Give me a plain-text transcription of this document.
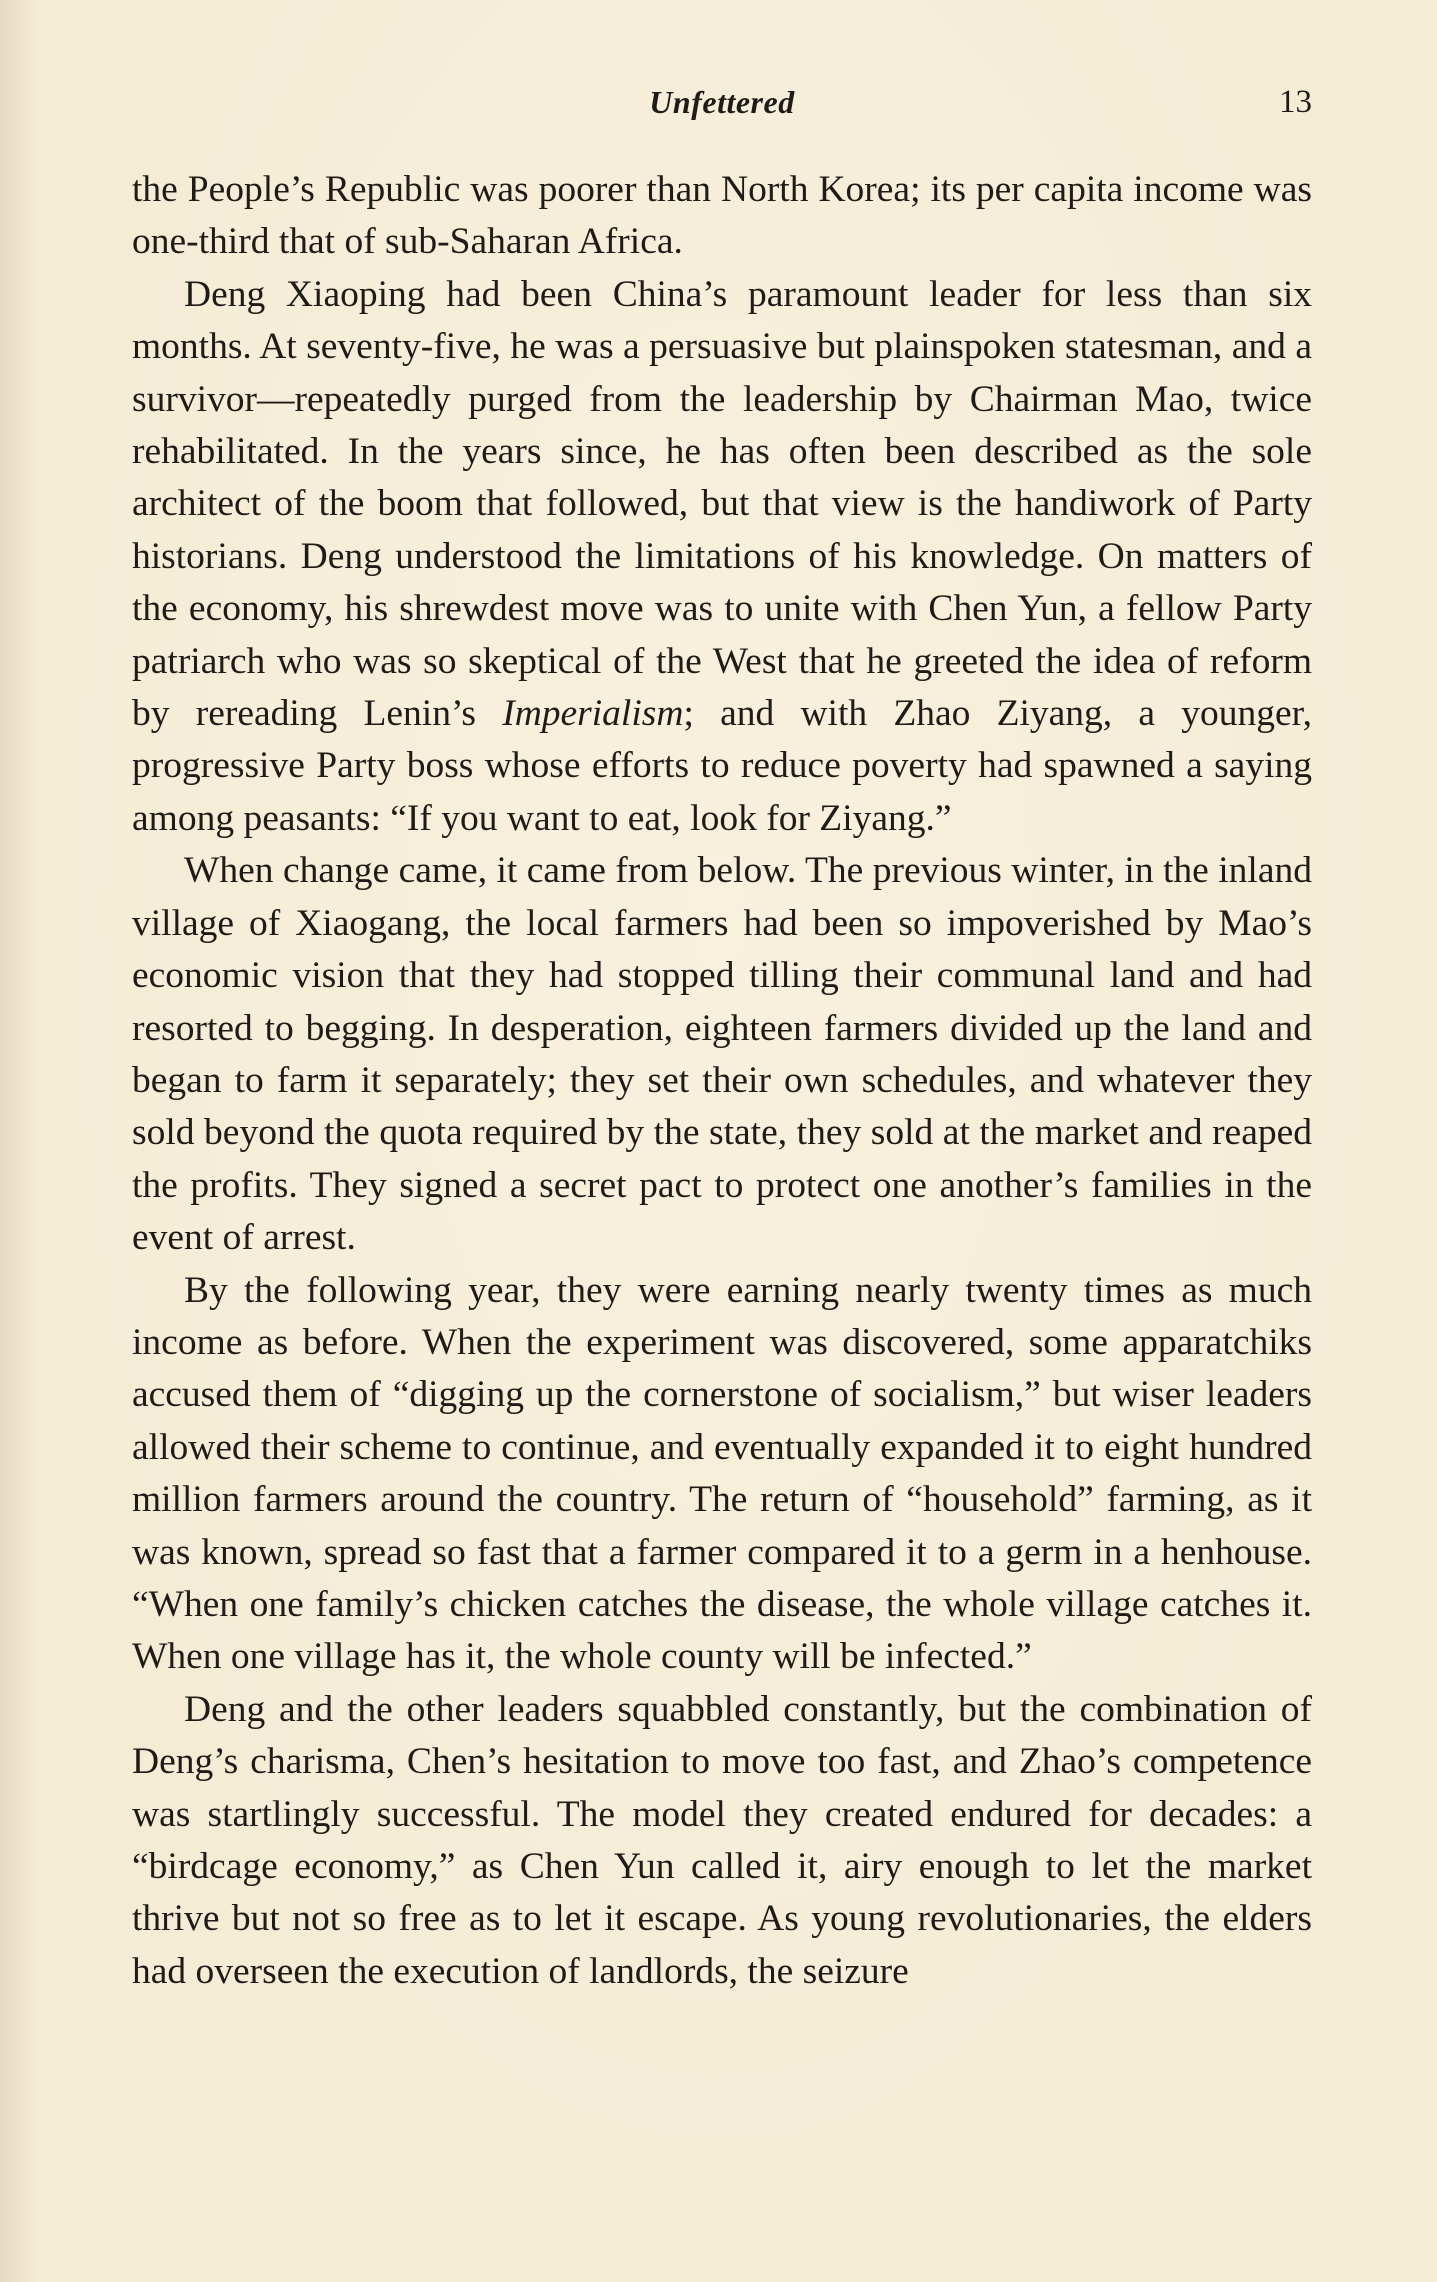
Unfettered	13

the People’s Republic was poorer than North Korea; its per capita income was one-third that of sub-Saharan Africa.

Deng Xiaoping had been China’s paramount leader for less than six months. At seventy-five, he was a persuasive but plainspoken statesman, and a survivor—repeatedly purged from the leadership by Chairman Mao, twice rehabilitated. In the years since, he has often been described as the sole architect of the boom that followed, but that view is the handiwork of Party historians. Deng understood the limitations of his knowledge. On matters of the economy, his shrewdest move was to unite with Chen Yun, a fellow Party patriarch who was so skeptical of the West that he greeted the idea of reform by rereading Lenin’s Imperialism; and with Zhao Ziyang, a younger, progressive Party boss whose efforts to reduce poverty had spawned a saying among peasants: “If you want to eat, look for Ziyang.”

When change came, it came from below. The previous winter, in the inland village of Xiaogang, the local farmers had been so impoverished by Mao’s economic vision that they had stopped tilling their communal land and had resorted to begging. In desperation, eighteen farmers divided up the land and began to farm it separately; they set their own schedules, and whatever they sold beyond the quota required by the state, they sold at the market and reaped the profits. They signed a secret pact to protect one another’s families in the event of arrest.

By the following year, they were earning nearly twenty times as much income as before. When the experiment was discovered, some apparatchiks accused them of “digging up the cornerstone of socialism,” but wiser leaders allowed their scheme to continue, and eventually expanded it to eight hundred million farmers around the country. The return of “household” farming, as it was known, spread so fast that a farmer compared it to a germ in a henhouse. “When one family’s chicken catches the disease, the whole village catches it. When one village has it, the whole county will be infected.”

Deng and the other leaders squabbled constantly, but the combination of Deng’s charisma, Chen’s hesitation to move too fast, and Zhao’s competence was startlingly successful. The model they created endured for decades: a “birdcage economy,” as Chen Yun called it, airy enough to let the market thrive but not so free as to let it escape. As young revolutionaries, the elders had overseen the execution of landlords, the seizure
